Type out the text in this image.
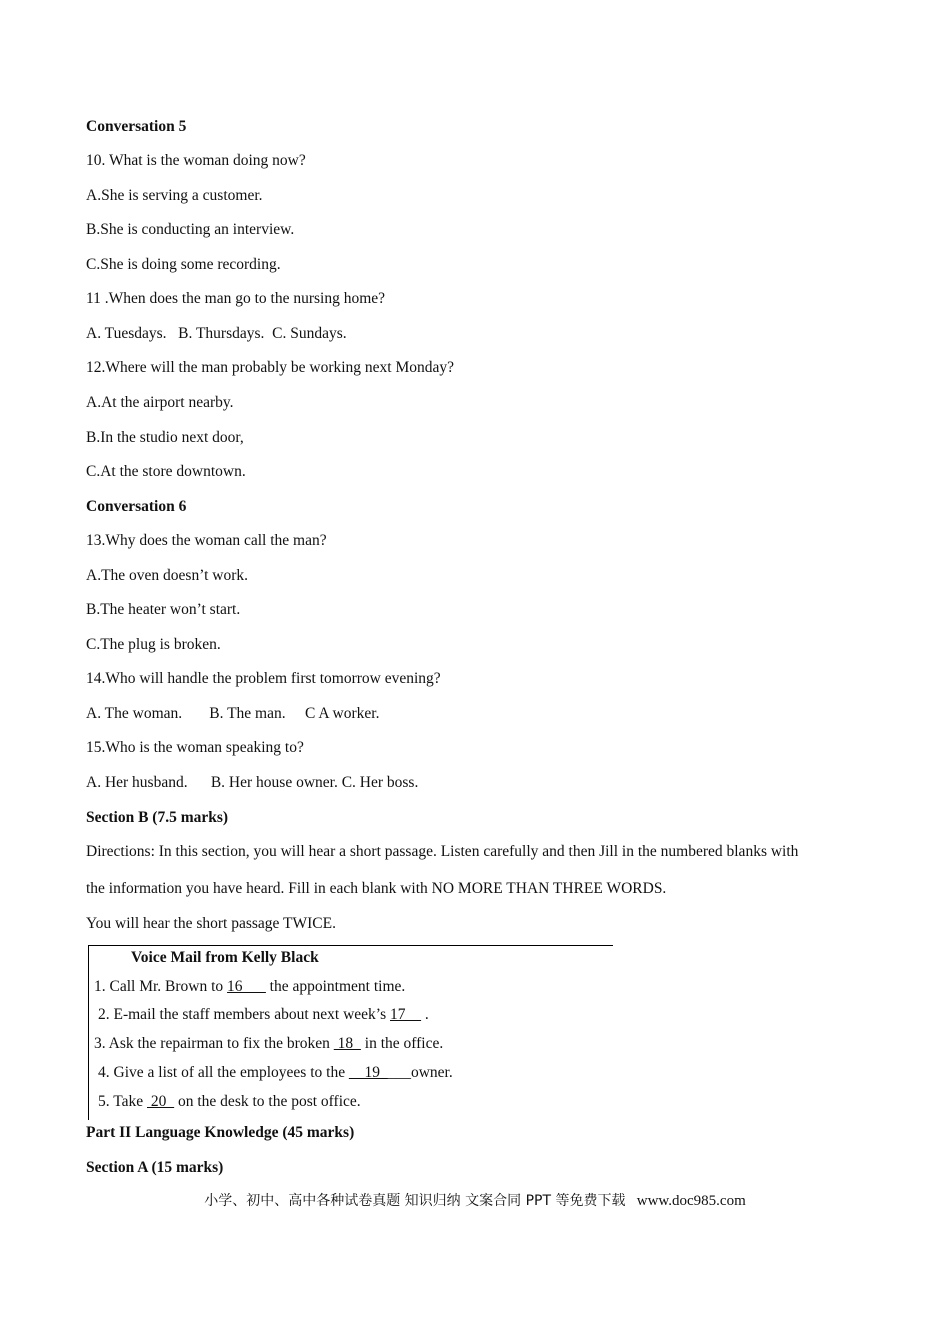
Conversation 5
10. What is the woman doing now?
A.She is serving a customer.
B.She is conducting an interview.
C.She is doing some recording.
11 .When does the man go to the nursing home?
A. Tuesdays.   B. Thursdays.  C. Sundays.
12.Where will the man probably be working next Monday?
A.At the airport nearby.
B.In the studio next door,
C.At the store downtown.
Conversation 6
13.Why does the woman call the man?
A.The oven doesn’t work.
B.The heater won’t start.
C.The plug is broken.
14.Who will handle the problem first tomorrow evening?
A. The woman.       B. The man.     C A worker.
15.Who is the woman speaking to?
A. Her husband.      B. Her house owner. C. Her boss.
Section B (7.5 marks)
Directions: In this section, you will hear a short passage. Listen carefully and then Jill in the numbered blanks with
the information you have heard. Fill in each blank with NO MORE THAN THREE WORDS.
You will hear the short passage TWICE.
Voice Mail from Kelly Black
1. Call Mr. Brown to 16___ the appointment time.
2. E-mail the staff members about next week’s 17__ .
3. Ask the repairman to fix the broken  18   in the office.
4. Give a list of all the employees to the __19____owner.
5. Take  20   on the desk to the post office.
Part II Language Knowledge (45 marks)
Section A (15 marks)
小学、初中、高中各种试卷真题 知识归纳 文案合同 PPT 等免费下载 www.doc985.com
